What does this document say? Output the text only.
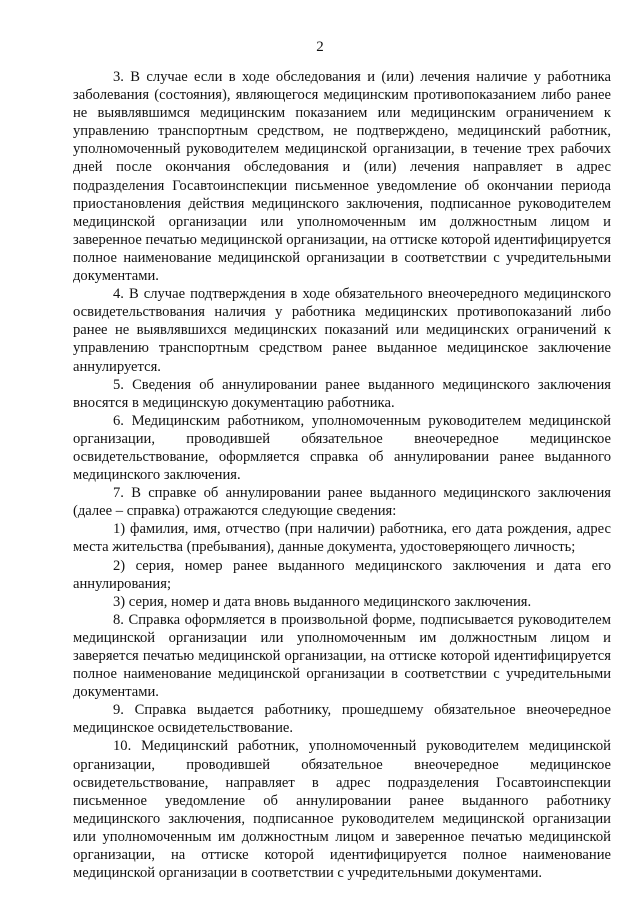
2

3. В случае если в ходе обследования и (или) лечения наличие у работника заболевания (состояния), являющегося медицинским противопоказанием либо ранее не выявлявшимся медицинским показанием или медицинским ограничением к управлению транспортным средством, не подтверждено, медицинский работник, уполномоченный руководителем медицинской организации, в течение трех рабочих дней после окончания обследования и (или) лечения направляет в адрес подразделения Госавтоинспекции письменное уведомление об окончании периода приостановления действия медицинского заключения, подписанное руководителем медицинской организации или уполномоченным им должностным лицом и заверенное печатью медицинской организации, на оттиске которой идентифицируется полное наименование медицинской организации в соответствии с учредительными документами.

4. В случае подтверждения в ходе обязательного внеочередного медицинского освидетельствования наличия у работника медицинских противопоказаний либо ранее не выявлявшихся медицинских показаний или медицинских ограничений к управлению транспортным средством ранее выданное медицинское заключение аннулируется.

5. Сведения об аннулировании ранее выданного медицинского заключения вносятся в медицинскую документацию работника.

6. Медицинским работником, уполномоченным руководителем медицинской организации, проводившей обязательное внеочередное медицинское освидетельствование, оформляется справка об аннулировании ранее выданного медицинского заключения.

7. В справке об аннулировании ранее выданного медицинского заключения (далее – справка) отражаются следующие сведения:

1) фамилия, имя, отчество (при наличии) работника, его дата рождения, адрес места жительства (пребывания), данные документа, удостоверяющего личность;

2) серия, номер ранее выданного медицинского заключения и дата его аннулирования;

3) серия, номер и дата вновь выданного медицинского заключения.

8. Справка оформляется в произвольной форме, подписывается руководителем медицинской организации или уполномоченным им должностным лицом и заверяется печатью медицинской организации, на оттиске которой идентифицируется полное наименование медицинской организации в соответствии с учредительными документами.

9. Справка выдается работнику, прошедшему обязательное внеочередное медицинское освидетельствование.

10. Медицинский работник, уполномоченный руководителем медицинской организации, проводившей обязательное внеочередное медицинское освидетельствование, направляет в адрес подразделения Госавтоинспекции письменное уведомление об аннулировании ранее выданного работнику медицинского заключения, подписанное руководителем медицинской организации или уполномоченным им должностным лицом и заверенное печатью медицинской организации, на оттиске которой идентифицируется полное наименование медицинской организации в соответствии с учредительными документами.
